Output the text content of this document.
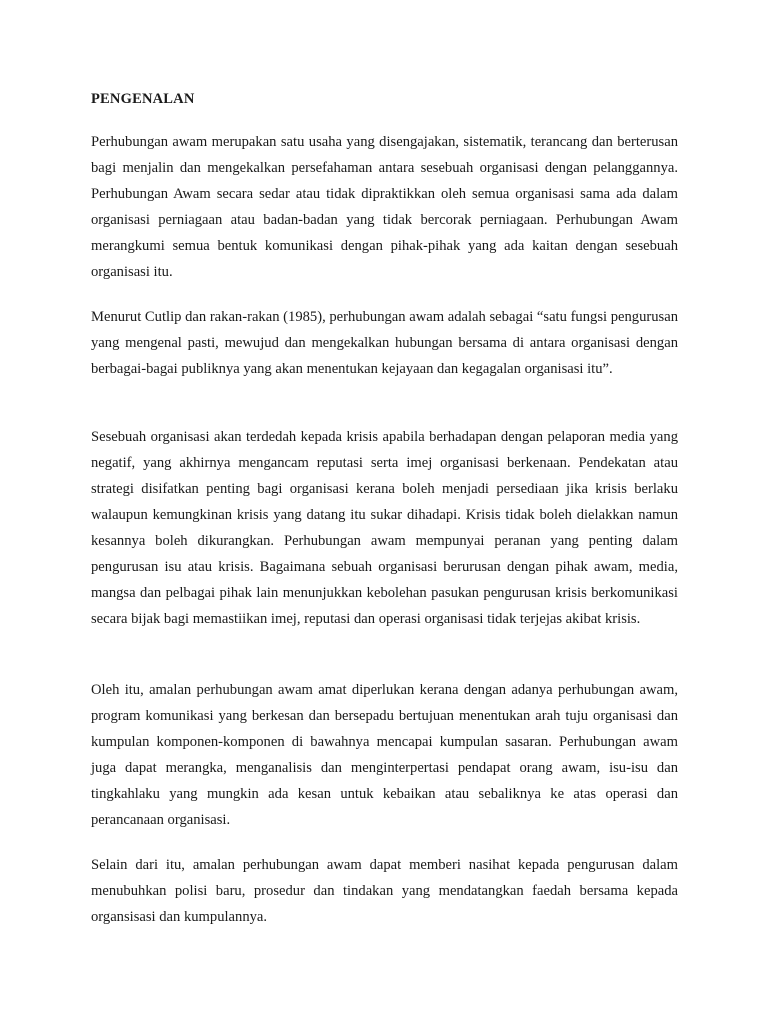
PENGENALAN

Perhubungan awam merupakan satu usaha yang disengajakan, sistematik, terancang dan berterusan bagi menjalin dan mengekalkan persefahaman antara sesebuah organisasi dengan pelanggannya. Perhubungan Awam secara sedar atau tidak dipraktikkan oleh semua organisasi sama ada dalam organisasi perniagaan atau badan-badan yang tidak bercorak perniagaan. Perhubungan Awam merangkumi semua bentuk komunikasi dengan pihak-pihak yang ada kaitan dengan sesebuah organisasi itu.

Menurut Cutlip dan rakan-rakan (1985), perhubungan awam adalah sebagai “satu fungsi pengurusan yang mengenal pasti, mewujud dan mengekalkan hubungan bersama di antara organisasi dengan berbagai-bagai publiknya yang akan menentukan kejayaan dan kegagalan organisasi itu”.

Sesebuah organisasi akan terdedah kepada krisis apabila berhadapan dengan pelaporan media yang negatif, yang akhirnya mengancam reputasi serta imej organisasi berkenaan. Pendekatan atau strategi disifatkan penting bagi organisasi kerana boleh menjadi persediaan jika krisis berlaku walaupun kemungkinan krisis yang datang itu sukar dihadapi. Krisis tidak boleh dielakkan namun kesannya boleh dikurangkan. Perhubungan awam mempunyai peranan yang penting dalam pengurusan isu atau krisis. Bagaimana sebuah organisasi berurusan dengan pihak awam, media, mangsa dan pelbagai pihak lain menunjukkan kebolehan pasukan pengurusan krisis berkomunikasi secara bijak bagi memastiikan imej, reputasi dan operasi organisasi tidak terjejas akibat krisis.

Oleh itu, amalan perhubungan awam amat diperlukan kerana dengan adanya perhubungan awam, program komunikasi yang berkesan dan bersepadu bertujuan menentukan arah tuju organisasi dan kumpulan komponen-komponen di bawahnya mencapai kumpulan sasaran. Perhubungan awam juga dapat merangka, menganalisis dan menginterpertasi pendapat orang awam, isu-isu dan tingkahlaku yang mungkin ada kesan untuk kebaikan atau sebaliknya ke atas operasi dan perancanaan organisasi.

Selain dari itu, amalan perhubungan awam dapat memberi nasihat kepada pengurusan dalam menubuhkan polisi baru, prosedur dan tindakan yang mendatangkan faedah bersama kepada organsisasi dan kumpulannya.
